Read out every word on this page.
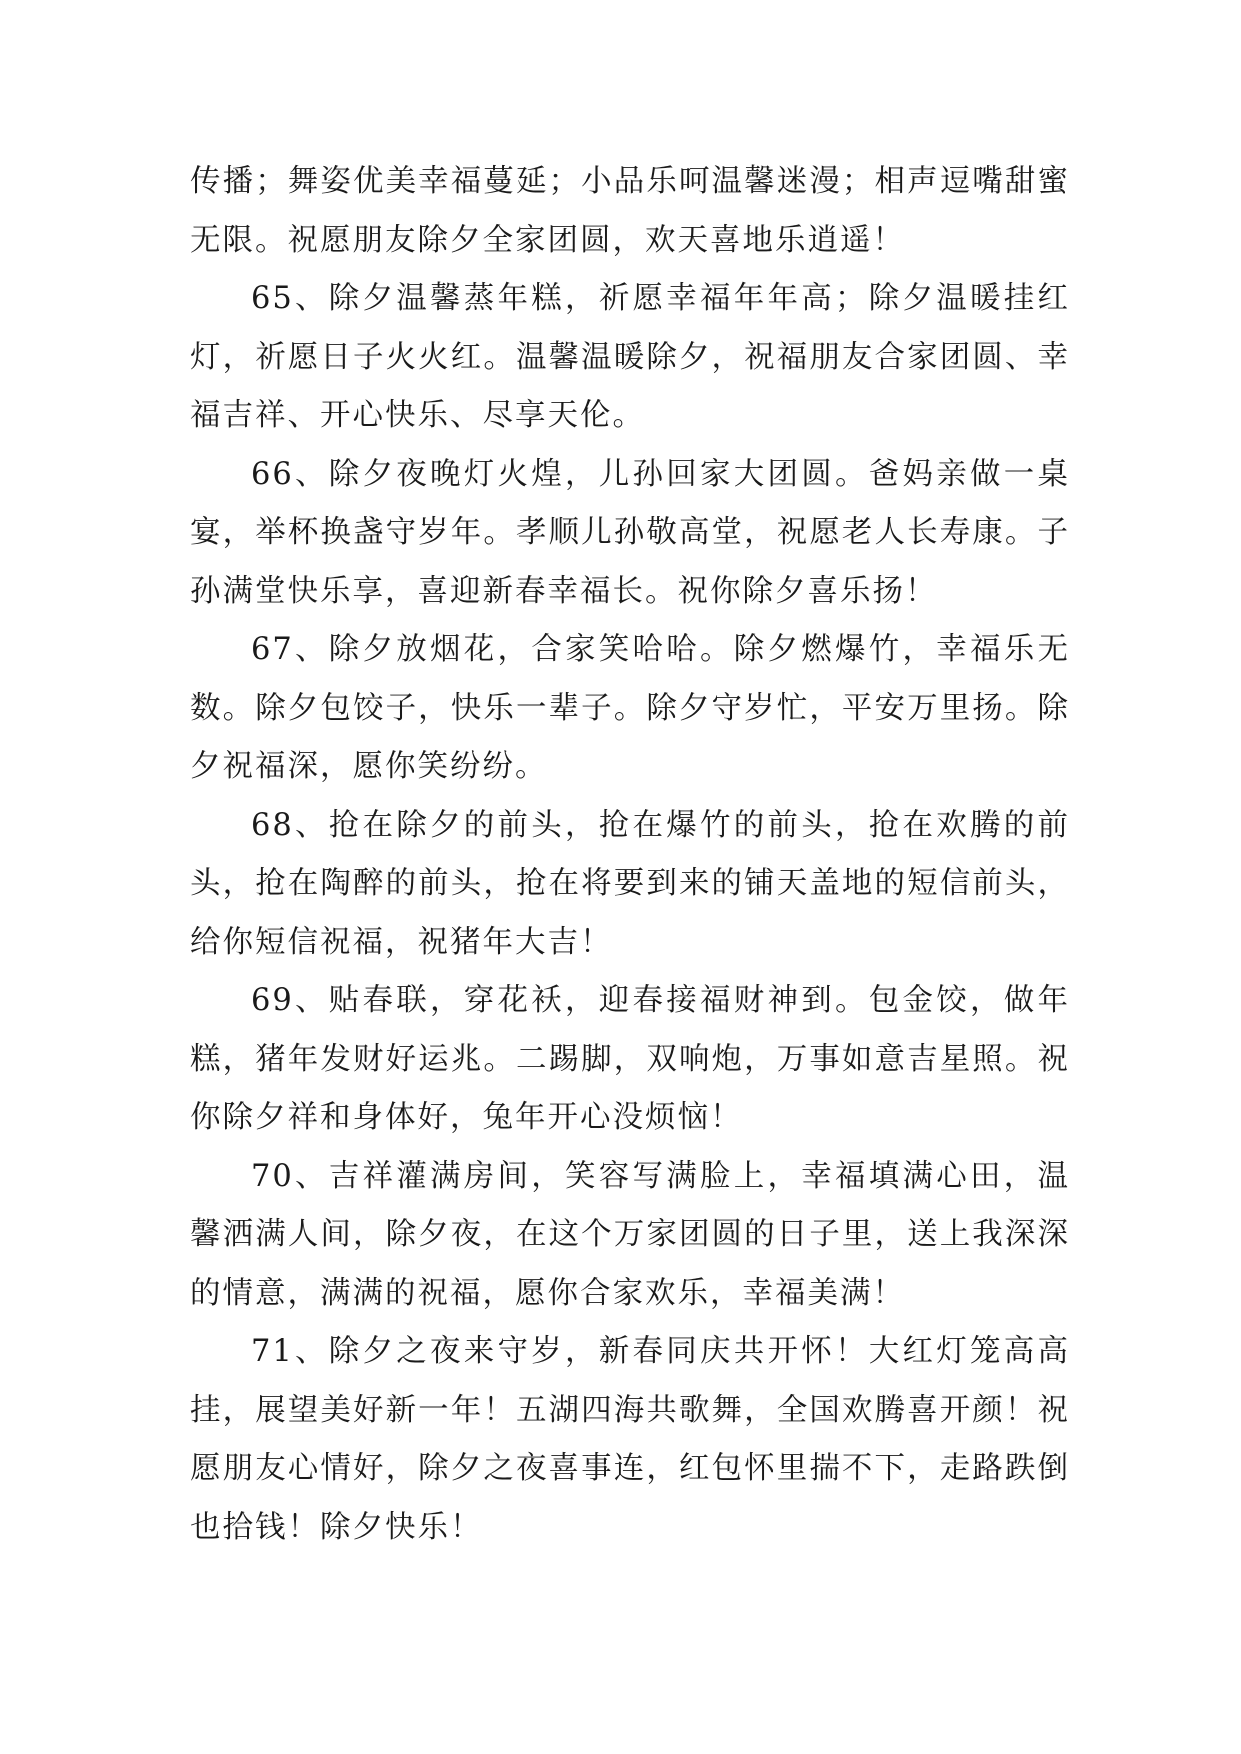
传播；舞姿优美幸福蔓延；小品乐呵温馨迷漫；相声逗嘴甜蜜无限。祝愿朋友除夕全家团圆，欢天喜地乐逍遥！

65、除夕温馨蒸年糕，祈愿幸福年年高；除夕温暖挂红灯，祈愿日子火火红。温馨温暖除夕，祝福朋友合家团圆、幸福吉祥、开心快乐、尽享天伦。

66、除夕夜晚灯火煌，儿孙回家大团圆。爸妈亲做一桌宴，举杯换盏守岁年。孝顺儿孙敬高堂，祝愿老人长寿康。子孙满堂快乐享，喜迎新春幸福长。祝你除夕喜乐扬！

67、除夕放烟花，合家笑哈哈。除夕燃爆竹，幸福乐无数。除夕包饺子，快乐一辈子。除夕守岁忙，平安万里扬。除夕祝福深，愿你笑纷纷。

68、抢在除夕的前头，抢在爆竹的前头，抢在欢腾的前头，抢在陶醉的前头，抢在将要到来的铺天盖地的短信前头，给你短信祝福，祝猪年大吉！

69、贴春联，穿花袄，迎春接福财神到。包金饺，做年糕，猪年发财好运兆。二踢脚，双响炮，万事如意吉星照。祝你除夕祥和身体好，兔年开心没烦恼！

70、吉祥灌满房间，笑容写满脸上，幸福填满心田，温馨洒满人间，除夕夜，在这个万家团圆的日子里，送上我深深的情意，满满的祝福，愿你合家欢乐，幸福美满！

71、除夕之夜来守岁，新春同庆共开怀！大红灯笼高高挂，展望美好新一年！五湖四海共歌舞，全国欢腾喜开颜！祝愿朋友心情好，除夕之夜喜事连，红包怀里揣不下，走路跌倒也拾钱！除夕快乐！
